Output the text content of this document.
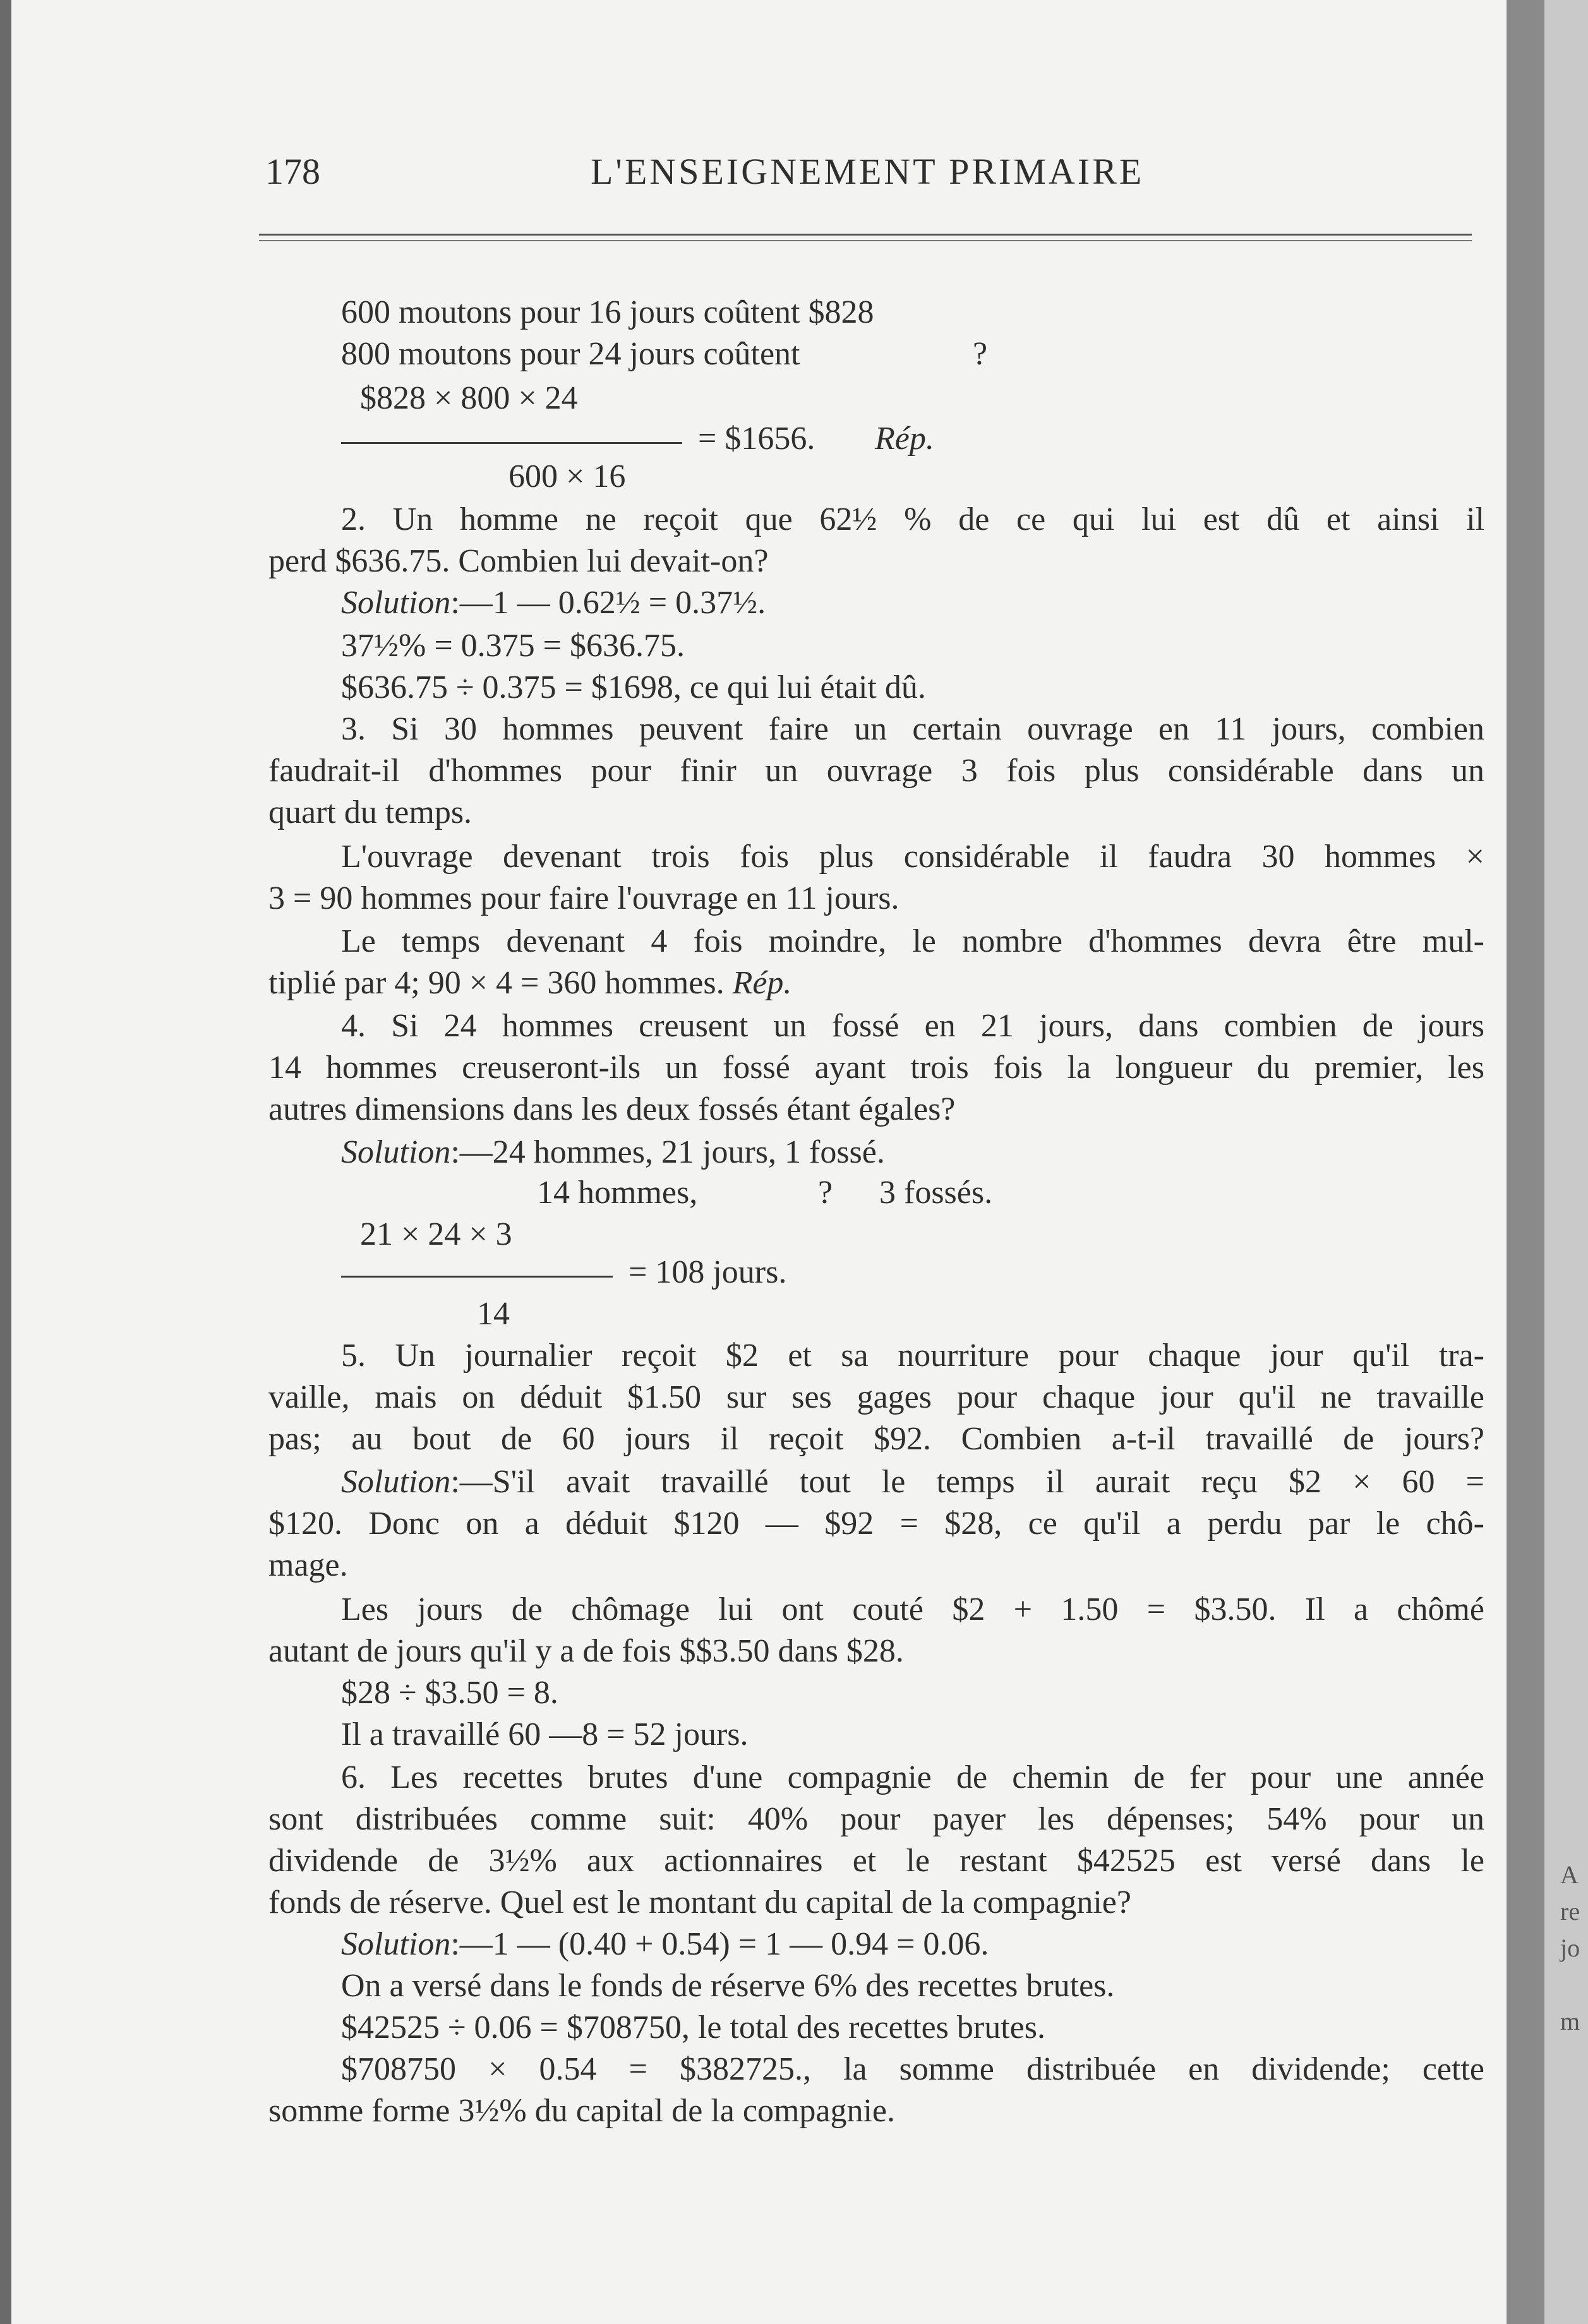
178	L'ENSEIGNEMENT PRIMAIRE
600 moutons pour 16 jours coûtent $828
800 moutons pour 24 jours coûtent	?
$828 × 800 × 24
= $1656. Rép.
600 × 16
2. Un homme ne reçoit que 62½ % de ce qui lui est dû et ainsi il
perd $636.75. Combien lui devait-on?
Solution:—1 — 0.62½ = 0.37½.
37½% = 0.375 = $636.75.
$636.75 ÷ 0.375 = $1698, ce qui lui était dû.
3. Si 30 hommes peuvent faire un certain ouvrage en 11 jours, combien
faudrait-il d'hommes pour finir un ouvrage 3 fois plus considérable dans un
quart du temps.
L'ouvrage devenant trois fois plus considérable il faudra 30 hommes ×
3 = 90 hommes pour faire l'ouvrage en 11 jours.
Le temps devenant 4 fois moindre, le nombre d'hommes devra être mul-
tiplié par 4; 90 × 4 = 360 hommes. Rép.
4. Si 24 hommes creusent un fossé en 21 jours, dans combien de jours
14 hommes creuseront-ils un fossé ayant trois fois la longueur du premier, les
autres dimensions dans les deux fossés étant égales?
Solution:—24 hommes, 21 jours, 1 fossé.
14 hommes,	? 3 fossés.
21 × 24 × 3
= 108 jours.
14
5. Un journalier reçoit $2 et sa nourriture pour chaque jour qu'il tra-
vaille, mais on déduit $1.50 sur ses gages pour chaque jour qu'il ne travaille
pas; au bout de 60 jours il reçoit $92. Combien a-t-il travaillé de jours?
Solution:—S'il avait travaillé tout le temps il aurait reçu $2 × 60 =
$120. Donc on a déduit $120 — $92 = $28, ce qu'il a perdu par le chô-
mage.
Les jours de chômage lui ont couté $2 + 1.50 = $3.50. Il a chômé
autant de jours qu'il y a de fois $$3.50 dans $28.
$28 ÷ $3.50 = 8.
Il a travaillé 60 —8 = 52 jours.
6. Les recettes brutes d'une compagnie de chemin de fer pour une année
sont distribuées comme suit: 40% pour payer les dépenses; 54% pour un
dividende de 3½% aux actionnaires et le restant $42525 est versé dans le
fonds de réserve. Quel est le montant du capital de la compagnie?
Solution:—1 — (0.40 + 0.54) = 1 — 0.94 = 0.06.
On a versé dans le fonds de réserve 6% des recettes brutes.
$42525 ÷ 0.06 = $708750, le total des recettes brutes.
$708750 × 0.54 = $382725., la somme distribuée en dividende; cette
somme forme 3½% du capital de la compagnie.
A
re
jo
m
